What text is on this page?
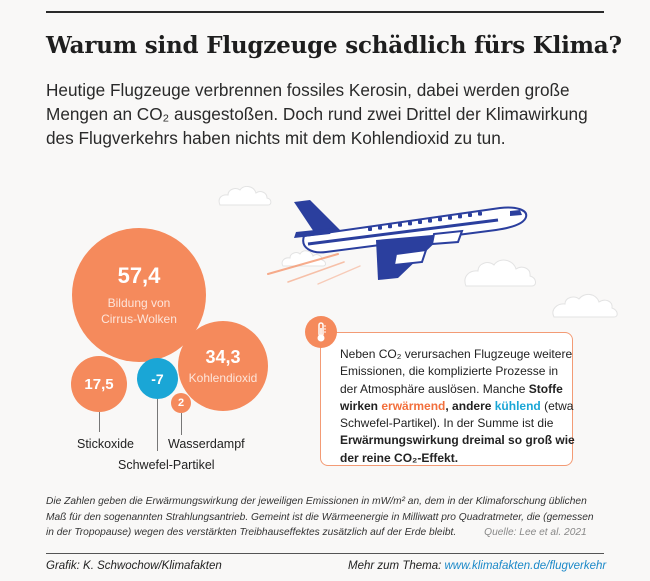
Warum sind Flugzeuge schädlich fürs Klima?

Heutige Flugzeuge verbrennen fossiles Kerosin, dabei werden große

Mengen an CO₂ ausgestoßen. Doch rund zwei Drittel der Klimawirkung

des Flugverkehrs haben nichts mit dem Kohlendioxid zu tun.

57,4
Bildung von
Cirrus-Wolken
34,3
Kohlendioxid
17,5	-7
2
Stickoxide
Schwefel-Partikel
Wasserdampf
Neben CO₂ verursachen Flugzeuge weitere
Emissionen, die komplizierte Prozesse in
der Atmosphäre auslösen. Manche Stoffe
wirken erwärmend, andere kühlend (etwa
Schwefel-Partikel). In der Summe ist die
Erwärmungswirkung dreimal so groß wie
der reine CO₂-Effekt.
Die Zahlen geben die Erwärmungswirkung der jeweiligen Emissionen in mW/m² an, dem in der Klimaforschung üblichen
Maß für den sogenannten Strahlungsantrieb. Gemeint ist die Wärmeenergie in Milliwatt pro Quadratmeter, die (gemessen
in der Tropopause) wegen des verstärkten Treibhauseffektes zusätzlich auf der Erde bleibt.	Quelle: Lee et al. 2021
Grafik: K. Schwochow/Klimafakten	Mehr zum Thema: www.klimafakten.de/flugverkehr
